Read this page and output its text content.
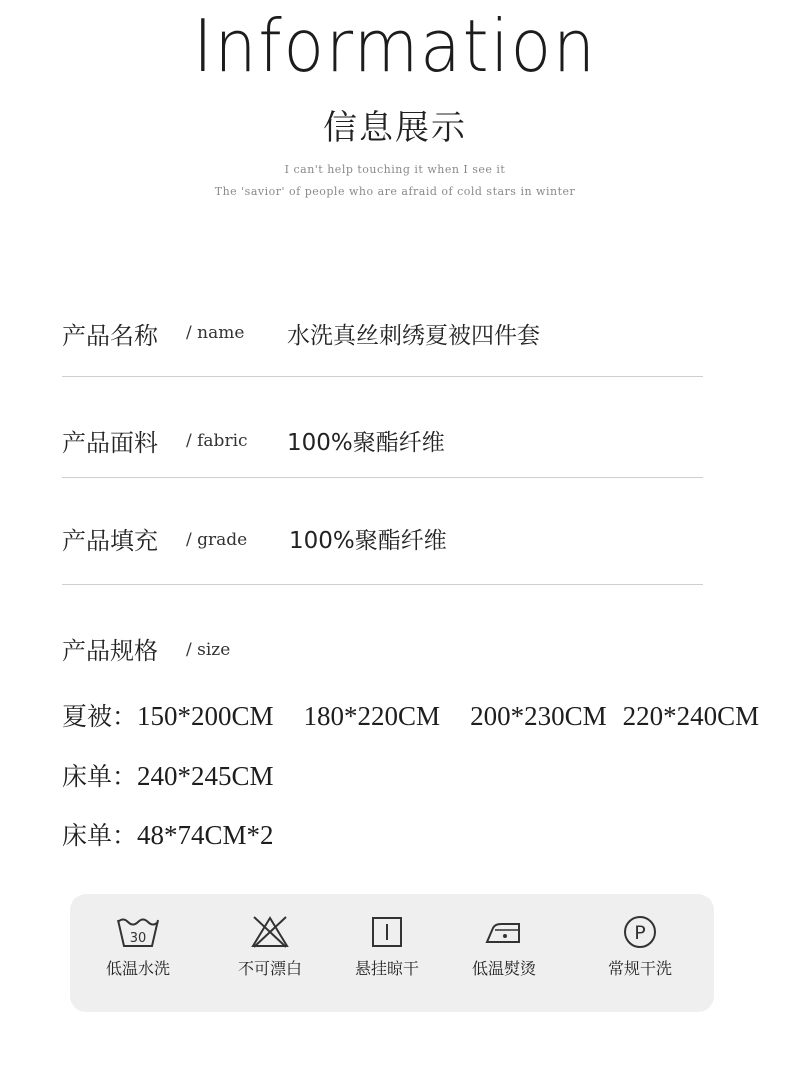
Information
信息展示
I can't help touching it when I see it
The 'savior' of people who are afraid of cold stars in winter
产品名称 / name 水洗真丝刺绣夏被四件套
产品面料 / fabric 100%聚酯纤维
产品填充 / grade 100%聚酯纤维
产品规格 / size
夏被：150*200CM 180*220CM 200*230CM 220*240CM
床单：240*245CM
床单：48*74CM*2
30
低温水洗	不可漂白	悬挂晾干	低温熨烫
P
常规干洗
